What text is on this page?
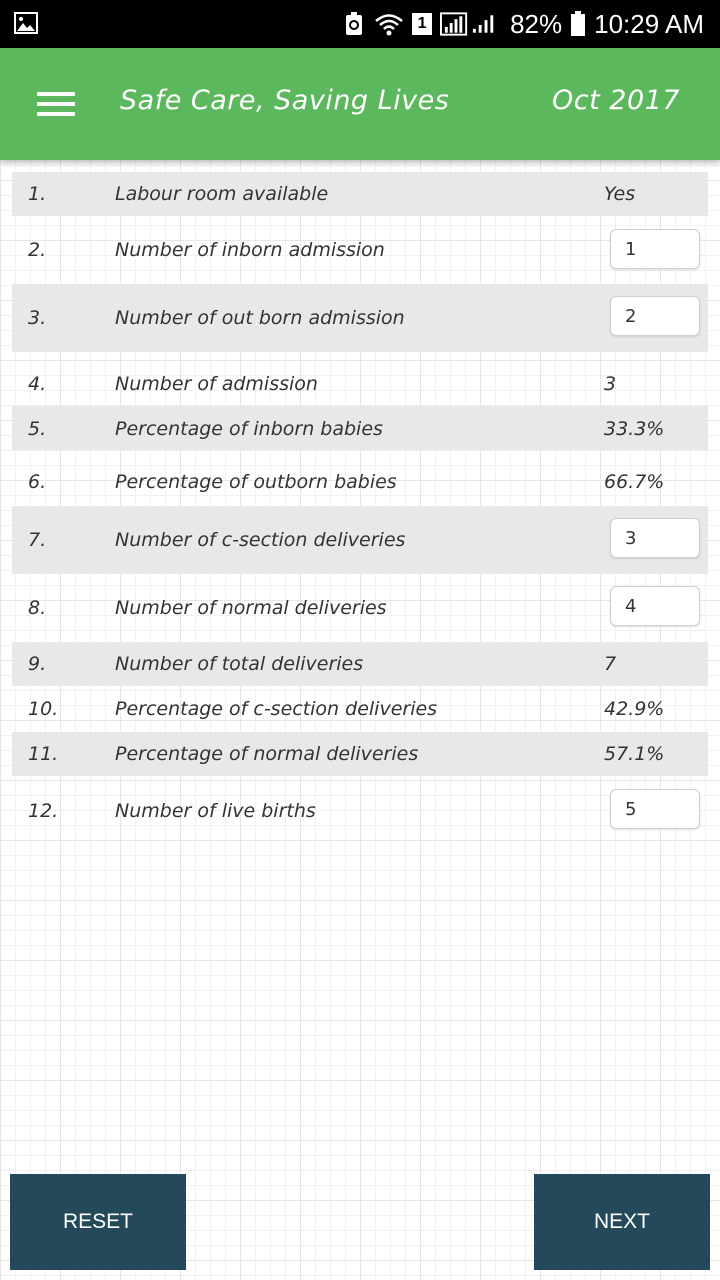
1	82% 10:29 AM
Safe Care, Saving Lives	Oct 2017
1.	Labour room available	Yes
2.	Number of inborn admission	1
3.	Number of out born admission	2
4.	Number of admission	3
5.	Percentage of inborn babies	33.3%
6.	Percentage of outborn babies	66.7%
7.	Number of c-section deliveries	3
8.	Number of normal deliveries	4
9.	Number of total deliveries	7
10.	Percentage of c-section deliveries	42.9%
11.	Percentage of normal deliveries	57.1%
12.	Number of live births	5
RESET	NEXT
